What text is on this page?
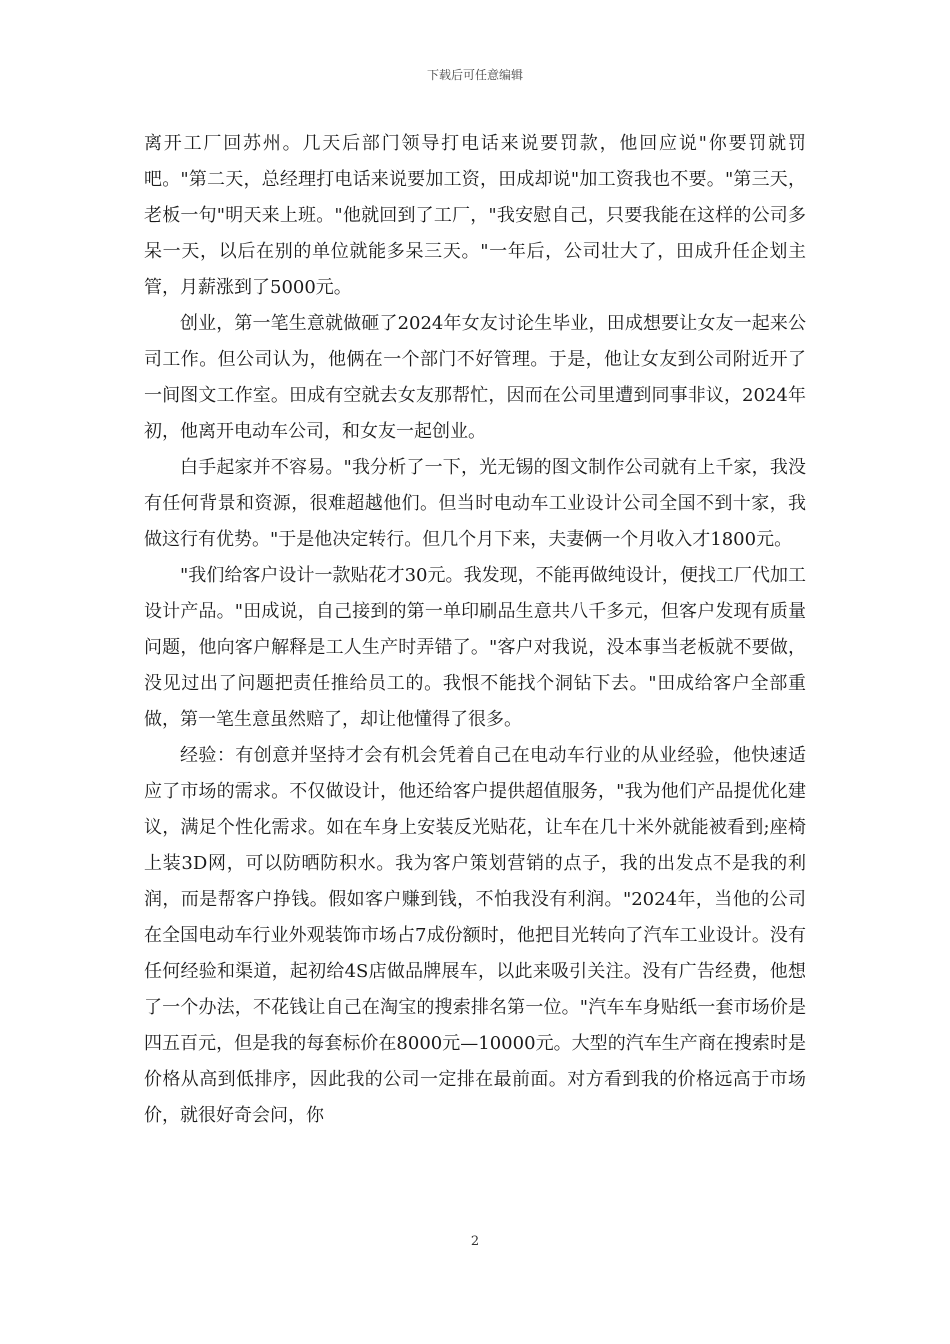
下载后可任意编辑

离开工厂回苏州。几天后部门领导打电话来说要罚款，他回应说"你要罚就罚吧。"第二天，总经理打电话来说要加工资，田成却说"加工资我也不要。"第三天，老板一句"明天来上班。"他就回到了工厂，"我安慰自己，只要我能在这样的公司多呆一天，以后在别的单位就能多呆三天。"一年后，公司壮大了，田成升任企划主管，月薪涨到了5000元。

创业，第一笔生意就做砸了2024年女友讨论生毕业，田成想要让女友一起来公司工作。但公司认为，他俩在一个部门不好管理。于是，他让女友到公司附近开了一间图文工作室。田成有空就去女友那帮忙，因而在公司里遭到同事非议，2024年初，他离开电动车公司，和女友一起创业。

白手起家并不容易。"我分析了一下，光无锡的图文制作公司就有上千家，我没有任何背景和资源，很难超越他们。但当时电动车工业设计公司全国不到十家，我做这行有优势。"于是他决定转行。但几个月下来，夫妻俩一个月收入才1800元。

"我们给客户设计一款贴花才30元。我发现，不能再做纯设计，便找工厂代加工设计产品。"田成说，自己接到的第一单印刷品生意共八千多元，但客户发现有质量问题，他向客户解释是工人生产时弄错了。"客户对我说，没本事当老板就不要做，没见过出了问题把责任推给员工的。我恨不能找个洞钻下去。"田成给客户全部重做，第一笔生意虽然赔了，却让他懂得了很多。

经验：有创意并坚持才会有机会凭着自己在电动车行业的从业经验，他快速适应了市场的需求。不仅做设计，他还给客户提供超值服务，"我为他们产品提优化建议，满足个性化需求。如在车身上安装反光贴花，让车在几十米外就能被看到;座椅上装3D网，可以防晒防积水。我为客户策划营销的点子，我的出发点不是我的利润，而是帮客户挣钱。假如客户赚到钱，不怕我没有利润。"2024年，当他的公司在全国电动车行业外观装饰市场占7成份额时，他把目光转向了汽车工业设计。没有任何经验和渠道，起初给4S店做品牌展车，以此来吸引关注。没有广告经费，他想了一个办法，不花钱让自己在淘宝的搜索排名第一位。"汽车车身贴纸一套市场价是四五百元，但是我的每套标价在8000元—10000元。大型的汽车生产商在搜索时是价格从高到低排序，因此我的公司一定排在最前面。对方看到我的价格远高于市场价，就很好奇会问，你

2
